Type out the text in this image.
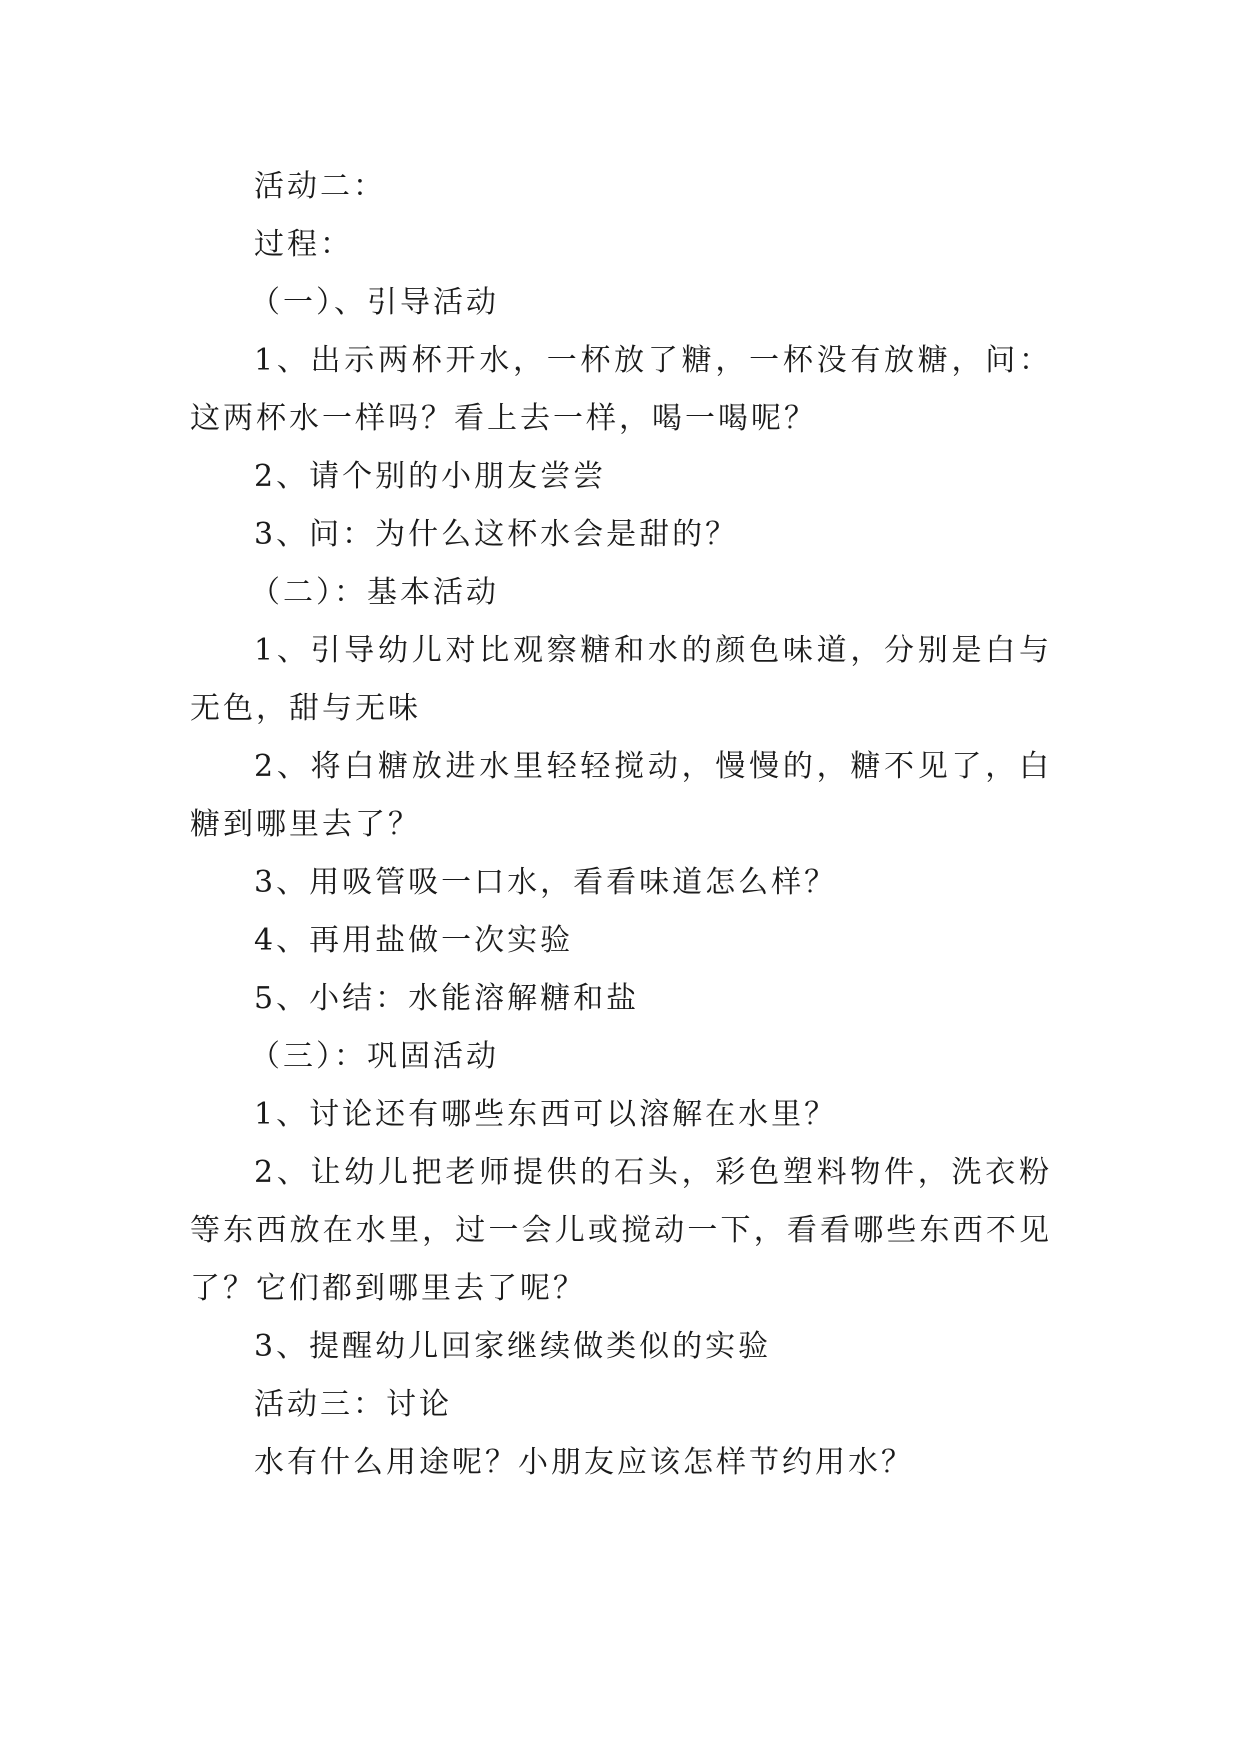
活动二：

过程：

（一）、引导活动

1、出示两杯开水，一杯放了糖，一杯没有放糖，问：这两杯水一样吗？看上去一样，喝一喝呢？

2、请个别的小朋友尝尝

3、问：为什么这杯水会是甜的？

（二）：基本活动

1、引导幼儿对比观察糖和水的颜色味道，分别是白与无色，甜与无味

2、将白糖放进水里轻轻搅动，慢慢的，糖不见了，白糖到哪里去了？

3、用吸管吸一口水，看看味道怎么样？

4、再用盐做一次实验

5、小结：水能溶解糖和盐

（三）：巩固活动

1、讨论还有哪些东西可以溶解在水里？

2、让幼儿把老师提供的石头，彩色塑料物件，洗衣粉等东西放在水里，过一会儿或搅动一下，看看哪些东西不见了？它们都到哪里去了呢？

3、提醒幼儿回家继续做类似的实验

活动三：讨论

水有什么用途呢？小朋友应该怎样节约用水？
